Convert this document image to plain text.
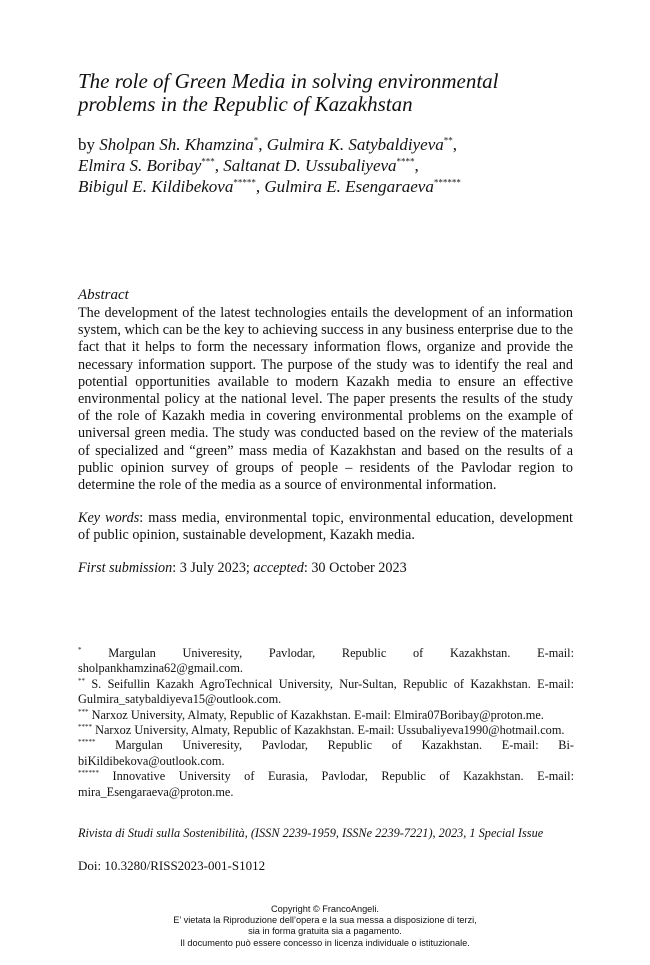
The role of Green Media in solving environmental
problems in the Republic of Kazakhstan
by Sholpan Sh. Khamzina*, Gulmira K. Satybaldiyeva**,
Elmira S. Boribay***, Saltanat D. Ussubaliyeva****,
Bibigul E. Kildibekova*****, Gulmira E. Esengaraeva******
Abstract

The development of the latest technologies entails the development of an information system, which can be the key to achieving success in any business enterprise due to the fact that it helps to form the necessary information flows, organize and provide the necessary information support. The purpose of the study was to identify the real and potential opportunities available to modern Kazakh media to ensure an effective environmental policy at the national level. The paper presents the results of the study of the role of Kazakh media in covering environmental problems on the example of universal green media. The study was conducted based on the review of the materials of specialized and “green” mass media of Kazakhstan and based on the results of a public opinion survey of groups of people – residents of the Pavlodar region to determine the role of the media as a source of environmental information.

Key words: mass media, environmental topic, environmental education, development of public opinion, sustainable development, Kazakh media.

First submission: 3 July 2023; accepted: 30 October 2023

* Margulan Univeresity, Pavlodar, Republic of Kazakhstan. E-mail: sholpankhamzina62@gmail.com.

** S. Seifullin Kazakh AgroTechnical University, Nur-Sultan, Republic of Kazakhstan. E-mail: Gulmira_satybaldiyeva15@outlook.com.

*** Narxoz University, Almaty, Republic of Kazakhstan. E-mail: Elmira07Boribay@proton.me.

**** Narxoz University, Almaty, Republic of Kazakhstan. E-mail: Ussubaliyeva1990@hotmail.com.

***** Margulan Univeresity, Pavlodar, Republic of Kazakhstan. E-mail: Bi-biKildibekova@outlook.com.

****** Innovative University of Eurasia, Pavlodar, Republic of Kazakhstan. E-mail: mira_Esengaraeva@proton.me.

Rivista di Studi sulla Sostenibilità, (ISSN 2239-1959, ISSNe 2239-7221), 2023, 1 Special Issue

Doi: 10.3280/RISS2023-001-S1012

Copyright © FrancoAngeli.
E’ vietata la Riproduzione dell’opera e la sua messa a disposizione di terzi,
sia in forma gratuita sia a pagamento.
Il documento può essere concesso in licenza individuale o istituzionale.
